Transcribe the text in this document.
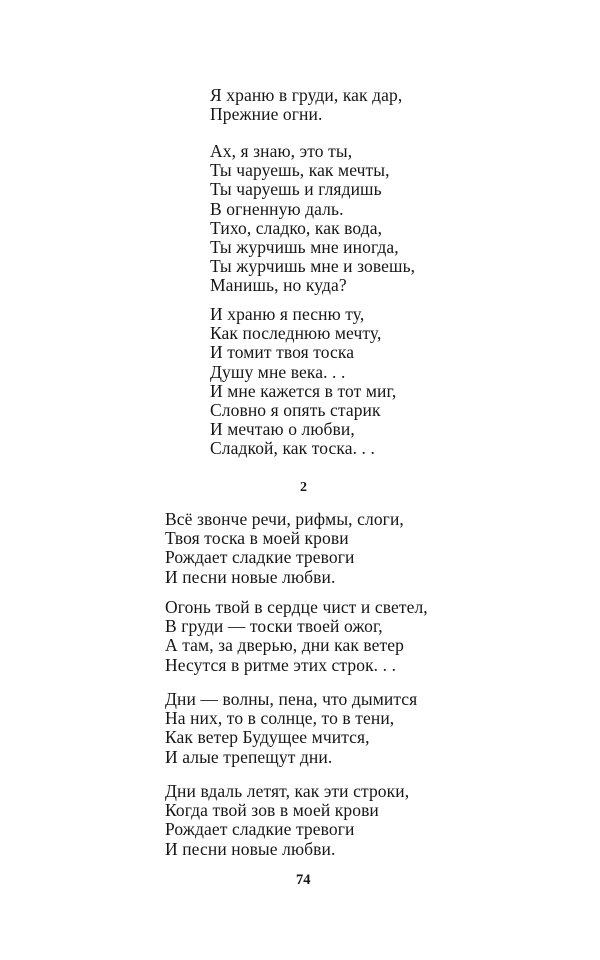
Я храню в груди, как дар,
Прежние огни.
Ах, я знаю, это ты,
Ты чаруешь, как мечты,
Ты чаруешь и глядишь
В огненную даль.
Тихо, сладко, как вода,
Ты журчишь мне иногда,
Ты журчишь мне и зовешь,
Манишь, но куда?
И храню я песню ту,
Как последнюю мечту,
И томит твоя тоска
Душу мне века. . .
И мне кажется в тот миг,
Словно я опять старик
И мечтаю о любви,
Сладкой, как тоска. . .
2
Всё звонче речи, рифмы, слоги,
Твоя тоска в моей крови
Рождает сладкие тревоги
И песни новые любви.
Огонь твой в сердце чист и светел,
В груди — тоски твоей ожог,
А там, за дверью, дни как ветер
Несутся в ритме этих строк. . .
Дни — волны, пена, что дымится
На них, то в солнце, то в тени,
Как ветер Будущее мчится,
И алые трепещут дни.
Дни вдаль летят, как эти строки,
Когда твой зов в моей крови
Рождает сладкие тревоги
И песни новые любви.
74
